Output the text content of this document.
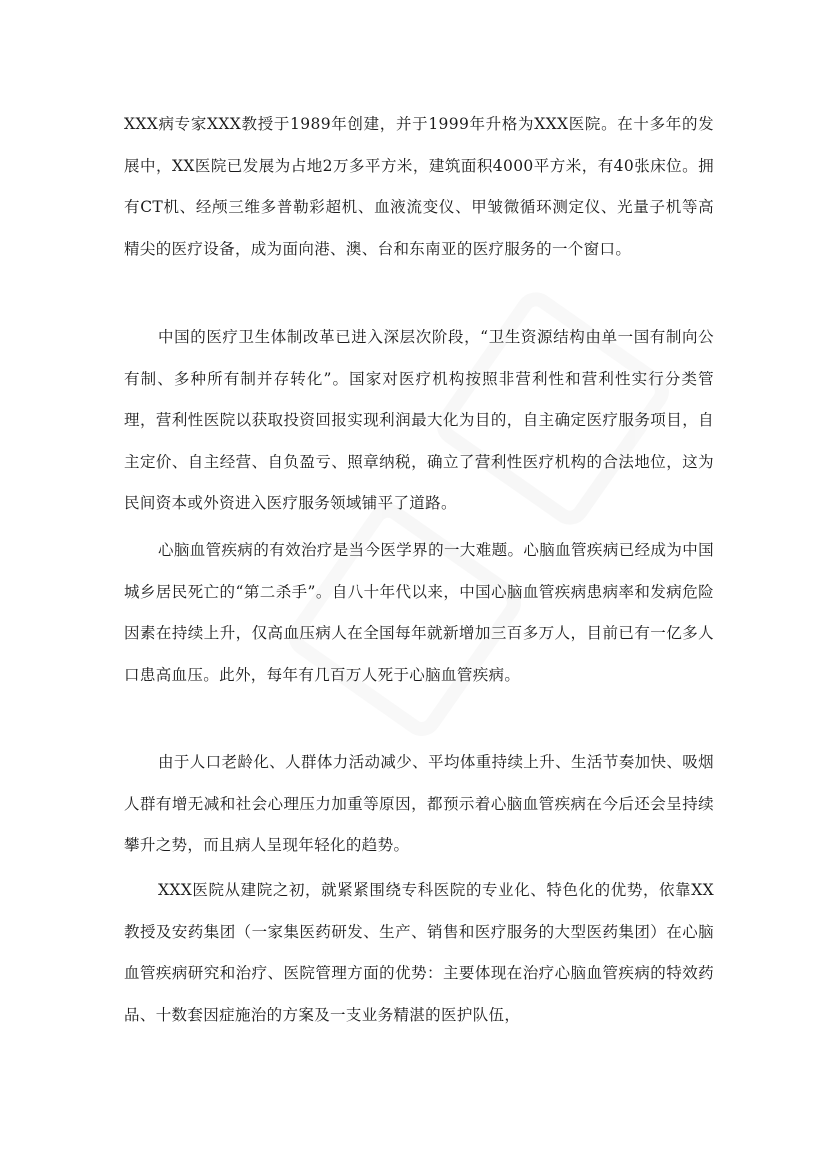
XXX病专家XXX教授于1989年创建，并于1999年升格为XXX医院。在十多年的发展中，XX医院已发展为占地2万多平方米，建筑面积4000平方米，有40张床位。拥有CT机、经颅三维多普勒彩超机、血液流变仪、甲皱微循环测定仪、光量子机等高精尖的医疗设备，成为面向港、澳、台和东南亚的医疗服务的一个窗口。

中国的医疗卫生体制改革已进入深层次阶段，“卫生资源结构由单一国有制向公有制、多种所有制并存转化”。国家对医疗机构按照非营利性和营利性实行分类管理，营利性医院以获取投资回报实现利润最大化为目的，自主确定医疗服务项目，自主定价、自主经营、自负盈亏、照章纳税，确立了营利性医疗机构的合法地位，这为民间资本或外资进入医疗服务领域铺平了道路。

心脑血管疾病的有效治疗是当今医学界的一大难题。心脑血管疾病已经成为中国城乡居民死亡的“第二杀手”。自八十年代以来，中国心脑血管疾病患病率和发病危险因素在持续上升，仅高血压病人在全国每年就新增加三百多万人，目前已有一亿多人口患高血压。此外，每年有几百万人死于心脑血管疾病。

由于人口老龄化、人群体力活动减少、平均体重持续上升、生活节奏加快、吸烟人群有增无减和社会心理压力加重等原因，都预示着心脑血管疾病在今后还会呈持续攀升之势，而且病人呈现年轻化的趋势。

XXX医院从建院之初，就紧紧围绕专科医院的专业化、特色化的优势，依靠XX教授及安药集团（一家集医药研发、生产、销售和医疗服务的大型医药集团）在心脑血管疾病研究和治疗、医院管理方面的优势：主要体现在治疗心脑血管疾病的特效药品、十数套因症施治的方案及一支业务精湛的医护队伍，
